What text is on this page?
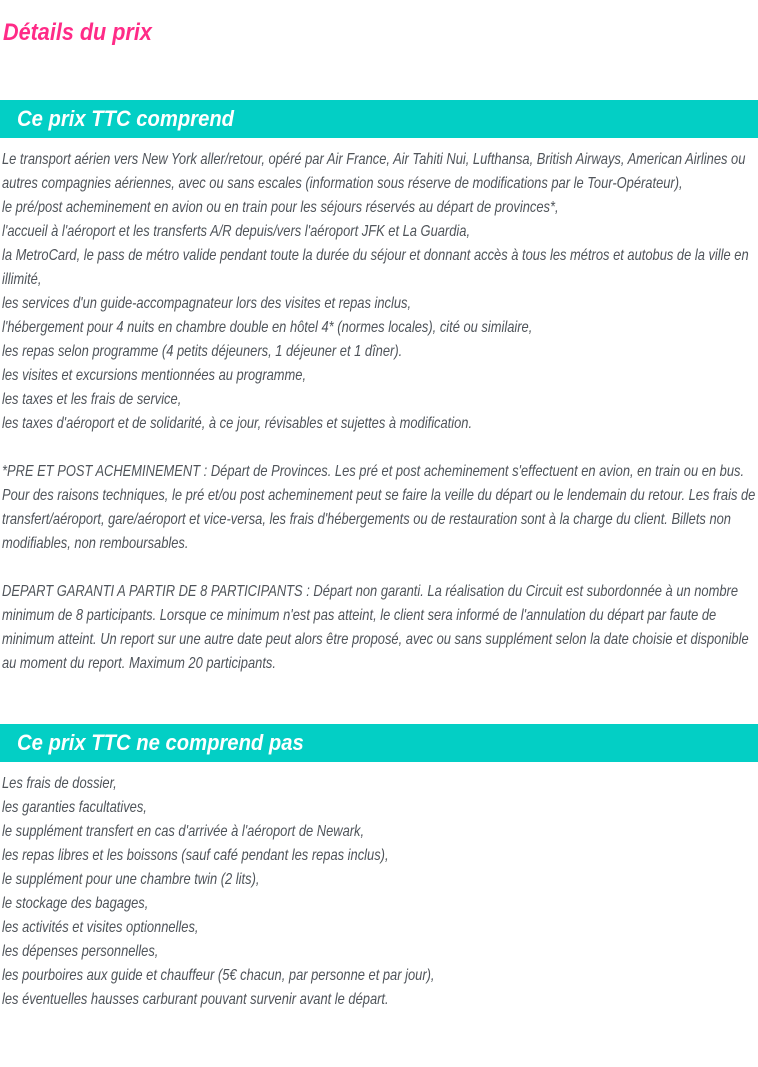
Détails du prix
Ce prix TTC comprend

Le transport aérien vers New York aller/retour, opéré par Air France, Air Tahiti Nui, Lufthansa, British Airways, American Airlines ou autres compagnies aériennes, avec ou sans escales (information sous réserve de modifications par le Tour-Opérateur),

le pré/post acheminement en avion ou en train pour les séjours réservés au départ de provinces*,

l'accueil à l'aéroport et les transferts A/R depuis/vers l'aéroport JFK et La Guardia,

la MetroCard, le pass de métro valide pendant toute la durée du séjour et donnant accès à tous les métros et autobus de la ville en illimité,

les services d'un guide-accompagnateur lors des visites et repas inclus,

l'hébergement pour 4 nuits en chambre double en hôtel 4* (normes locales), cité ou similaire,

les repas selon programme (4 petits déjeuners, 1 déjeuner et 1 dîner).

les visites et excursions mentionnées au programme,

les taxes et les frais de service,

les taxes d'aéroport et de solidarité, à ce jour, révisables et sujettes à modification.

*PRE ET POST ACHEMINEMENT : Départ de Provinces. Les pré et post acheminement s'effectuent en avion, en train ou en bus. Pour des raisons techniques, le pré et/ou post acheminement peut se faire la veille du départ ou le lendemain du retour. Les frais de transfert/aéroport, gare/aéroport et vice-versa, les frais d'hébergements ou de restauration sont à la charge du client. Billets non modifiables, non remboursables.

DEPART GARANTI A PARTIR DE 8 PARTICIPANTS : Départ non garanti. La réalisation du Circuit est subordonnée à un nombre minimum de 8 participants. Lorsque ce minimum n'est pas atteint, le client sera informé de l'annulation du départ par faute de minimum atteint. Un report sur une autre date peut alors être proposé, avec ou sans supplément selon la date choisie et disponible au moment du report. Maximum 20 participants.

Ce prix TTC ne comprend pas

Les frais de dossier,

les garanties facultatives,

le supplément transfert en cas d'arrivée à l'aéroport de Newark,

les repas libres et les boissons (sauf café pendant les repas inclus),

le supplément pour une chambre twin (2 lits),

le stockage des bagages,

les activités et visites optionnelles,

les dépenses personnelles,

les pourboires aux guide et chauffeur (5€ chacun, par personne et par jour),

les éventuelles hausses carburant pouvant survenir avant le départ.
